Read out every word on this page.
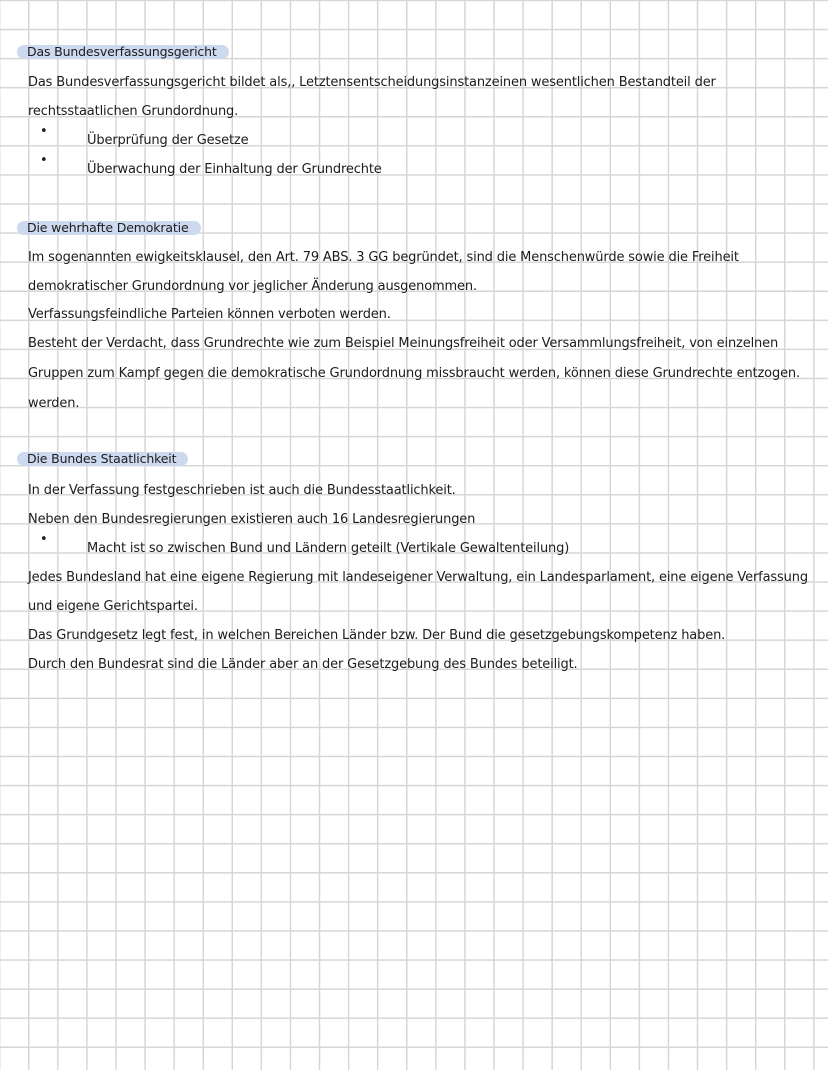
Das Bundesverfassungsgericht
Das Bundesverfassungsgericht bildet als,, Letztensentscheidungsinstanzeinen wesentlichen Bestandteil der
rechtsstaatlichen Grundordnung.
•
Überprüfung der Gesetze
•
Überwachung der Einhaltung der Grundrechte
Die wehrhafte Demokratie
Im sogenannten ewigkeitsklausel, den Art. 79 ABS. 3 GG begründet, sind die Menschenwürde sowie die Freiheit
demokratischer Grundordnung vor jeglicher Änderung ausgenommen.
Verfassungsfeindliche Parteien können verboten werden.
Besteht der Verdacht, dass Grundrechte wie zum Beispiel Meinungsfreiheit oder Versammlungsfreiheit, von einzelnen
Gruppen zum Kampf gegen die demokratische Grundordnung missbraucht werden, können diese Grundrechte entzogen.
werden.
Die Bundes Staatlichkeit
In der Verfassung festgeschrieben ist auch die Bundesstaatlichkeit.
Neben den Bundesregierungen existieren auch 16 Landesregierungen
•
Macht ist so zwischen Bund und Ländern geteilt (Vertikale Gewaltenteilung)
Jedes Bundesland hat eine eigene Regierung mit landeseigener Verwaltung, ein Landesparlament, eine eigene Verfassung
und eigene Gerichtspartei.
Das Grundgesetz legt fest, in welchen Bereichen Länder bzw. Der Bund die gesetzgebungskompetenz haben.
Durch den Bundesrat sind die Länder aber an der Gesetzgebung des Bundes beteiligt.
